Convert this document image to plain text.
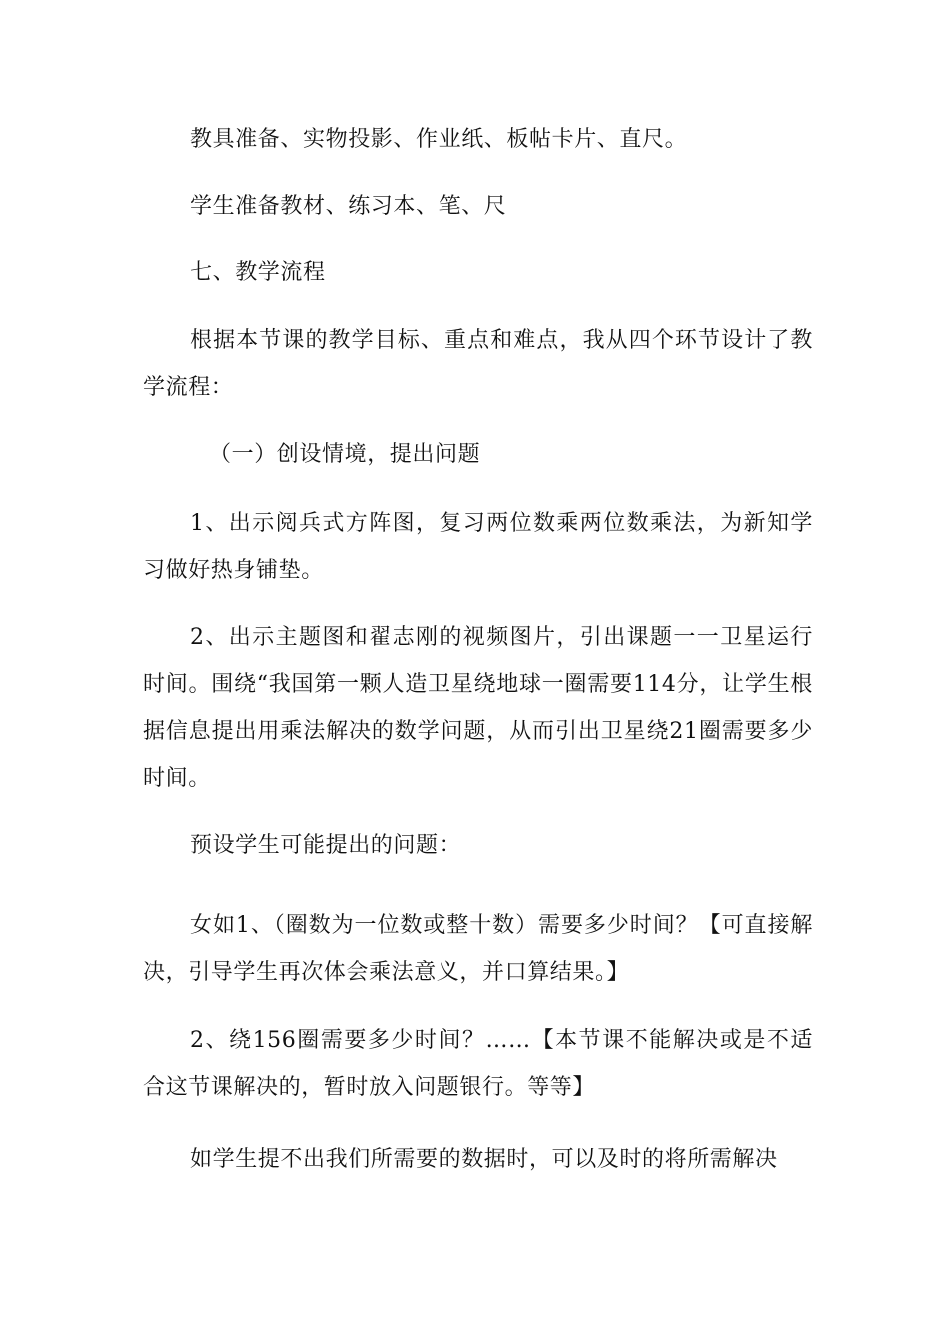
教具准备、实物投影、作业纸、板帖卡片、直尺。

学生准备教材、练习本、笔、尺

七、教学流程

根据本节课的教学目标、重点和难点，我从四个环节设计了教学流程：

（一）创设情境，提出问题

1、出示阅兵式方阵图，复习两位数乘两位数乘法，为新知学习做好热身铺垫。

2、出示主题图和翟志刚的视频图片，引出课题一一卫星运行时间。围绕“我国第一颗人造卫星绕地球一圈需要114分，让学生根据信息提出用乘法解决的数学问题，从而引出卫星绕21圈需要多少时间。

预设学生可能提出的问题：

女如1、（圈数为一位数或整十数）需要多少时间？【可直接解决，引导学生再次体会乘法意义，并口算结果。】

2、绕156圈需要多少时间？……【本节课不能解决或是不适合这节课解决的，暂时放入问题银行。等等】

如学生提不出我们所需要的数据时，可以及时的将所需解决
